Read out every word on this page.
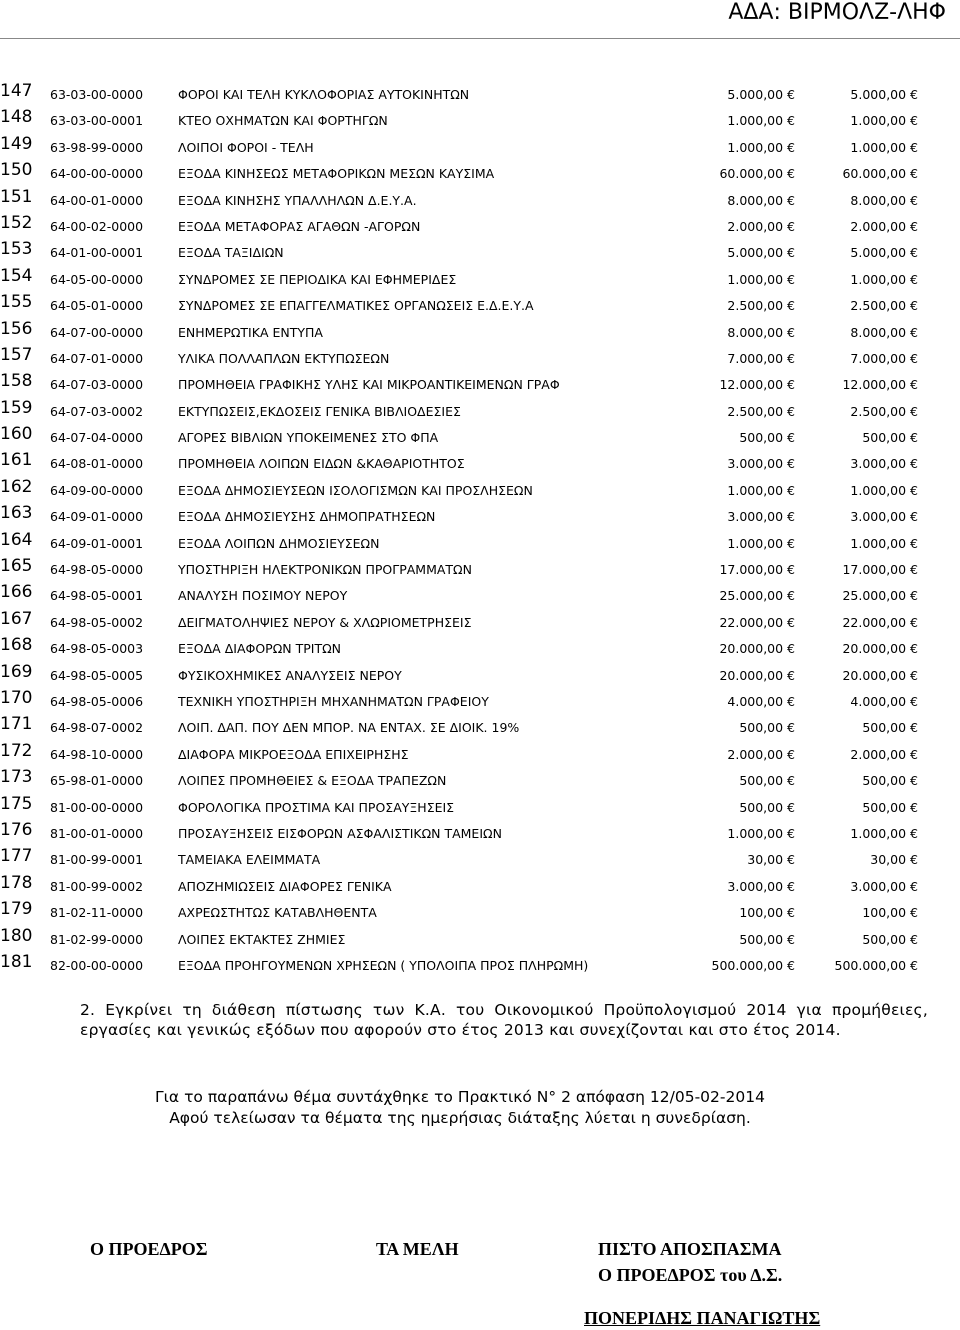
ΑΔΑ: ΒΙΡΜΟΛΖ-ΛΗΦ
147	63-03-00-0000	ΦΟΡΟΙ ΚΑΙ ΤΕΛΗ ΚΥΚΛΟΦΟΡΙΑΣ ΑΥΤΟΚΙΝΗΤΩΝ	5.000,00 €	5.000,00 €
148	63-03-00-0001	ΚΤΕΟ ΟΧΗΜΑΤΩΝ ΚΑΙ ΦΟΡΤΗΓΩΝ	1.000,00 €	1.000,00 €
149	63-98-99-0000	ΛΟΙΠΟΙ ΦΟΡΟΙ - ΤΕΛΗ	1.000,00 €	1.000,00 €
150	64-00-00-0000	ΕΞΟΔΑ ΚΙΝΗΣΕΩΣ ΜΕΤΑΦΟΡΙΚΩΝ ΜΕΣΩΝ ΚΑΥΣΙΜΑ	60.000,00 €	60.000,00 €
151	64-00-01-0000	ΕΞΟΔΑ ΚΙΝΗΣΗΣ ΥΠΑΛΛΗΛΩΝ Δ.Ε.Υ.Α.	8.000,00 €	8.000,00 €
152	64-00-02-0000	ΕΞΟΔΑ ΜΕΤΑΦΟΡΑΣ ΑΓΑΘΩΝ -ΑΓΟΡΩΝ	2.000,00 €	2.000,00 €
153	64-01-00-0001	ΕΞΟΔΑ ΤΑΞΙΔΙΩΝ	5.000,00 €	5.000,00 €
154	64-05-00-0000	ΣΥΝΔΡΟΜΕΣ ΣΕ ΠΕΡΙΟΔΙΚΑ ΚΑΙ ΕΦΗΜΕΡΙΔΕΣ	1.000,00 €	1.000,00 €
155	64-05-01-0000	ΣΥΝΔΡΟΜΕΣ ΣΕ ΕΠΑΓΓΕΛΜΑΤΙΚΕΣ ΟΡΓΑΝΩΣΕΙΣ Ε.Δ.Ε.Υ.Α	2.500,00 €	2.500,00 €
156	64-07-00-0000	ΕΝΗΜΕΡΩΤΙΚΑ ΕΝΤΥΠΑ	8.000,00 €	8.000,00 €
157	64-07-01-0000	ΥΛΙΚΑ ΠΟΛΛΑΠΛΩΝ ΕΚΤΥΠΩΣΕΩΝ	7.000,00 €	7.000,00 €
158	64-07-03-0000	ΠΡΟΜΗΘΕΙΑ ΓΡΑΦΙΚΗΣ ΥΛΗΣ ΚΑΙ ΜΙΚΡΟΑΝΤΙΚΕΙΜΕΝΩΝ ΓΡΑΦ	12.000,00 €	12.000,00 €
159	64-07-03-0002	ΕΚΤΥΠΩΣΕΙΣ,ΕΚΔΟΣΕΙΣ ΓΕΝΙΚΑ ΒΙΒΛΙΟΔΕΣΙΕΣ	2.500,00 €	2.500,00 €
160	64-07-04-0000	ΑΓΟΡΕΣ ΒΙΒΛΙΩΝ ΥΠΟΚΕΙΜΕΝΕΣ ΣΤΟ ΦΠΑ	500,00 €	500,00 €
161	64-08-01-0000	ΠΡΟΜΗΘΕΙΑ ΛΟΙΠΩΝ ΕΙΔΩΝ &ΚΑΘΑΡΙΟΤΗΤΟΣ	3.000,00 €	3.000,00 €
162	64-09-00-0000	ΕΞΟΔΑ ΔΗΜΟΣΙΕΥΣΕΩΝ ΙΣΟΛΟΓΙΣΜΩΝ ΚΑΙ ΠΡΟΣΛΗΣΕΩΝ	1.000,00 €	1.000,00 €
163	64-09-01-0000	ΕΞΟΔΑ ΔΗΜΟΣΙΕΥΣΗΣ ΔΗΜΟΠΡΑΤΗΣΕΩΝ	3.000,00 €	3.000,00 €
164	64-09-01-0001	ΕΞΟΔΑ ΛΟΙΠΩΝ ΔΗΜΟΣΙΕΥΣΕΩΝ	1.000,00 €	1.000,00 €
165	64-98-05-0000	ΥΠΟΣΤΗΡΙΞΗ ΗΛΕΚΤΡΟΝΙΚΩΝ ΠΡΟΓΡΑΜΜΑΤΩΝ	17.000,00 €	17.000,00 €
166	64-98-05-0001	ΑΝΑΛΥΣΗ ΠΟΣΙΜΟΥ ΝΕΡΟΥ	25.000,00 €	25.000,00 €
167	64-98-05-0002	ΔΕΙΓΜΑΤΟΛΗΨΙΕΣ ΝΕΡΟΥ & ΧΛΩΡΙΟΜΕΤΡΗΣΕΙΣ	22.000,00 €	22.000,00 €
168	64-98-05-0003	ΕΞΟΔΑ ΔΙΑΦΟΡΩΝ ΤΡΙΤΩΝ	20.000,00 €	20.000,00 €
169	64-98-05-0005	ΦΥΣΙΚΟΧΗΜΙΚΕΣ ΑΝΑΛΥΣΕΙΣ ΝΕΡΟΥ	20.000,00 €	20.000,00 €
170	64-98-05-0006	ΤΕΧΝΙΚΗ ΥΠΟΣΤΗΡΙΞΗ ΜΗΧΑΝΗΜΑΤΩΝ ΓΡΑΦΕΙΟΥ	4.000,00 €	4.000,00 €
171	64-98-07-0002	ΛΟΙΠ. ΔΑΠ. ΠΟΥ ΔΕΝ ΜΠΟΡ. ΝΑ ΕΝΤΑΧ. ΣΕ ΔΙΟΙΚ. 19%	500,00 €	500,00 €
172	64-98-10-0000	ΔΙΑΦΟΡΑ ΜΙΚΡΟΕΞΟΔΑ ΕΠΙΧΕΙΡΗΣΗΣ	2.000,00 €	2.000,00 €
173	65-98-01-0000	ΛΟΙΠΕΣ ΠΡΟΜΗΘΕΙΕΣ & ΕΞΟΔΑ ΤΡΑΠΕΖΩΝ	500,00 €	500,00 €
175	81-00-00-0000	ΦΟΡΟΛΟΓΙΚΑ ΠΡΟΣΤΙΜΑ ΚΑΙ ΠΡΟΣΑΥΞΗΣΕΙΣ	500,00 €	500,00 €
176	81-00-01-0000	ΠΡΟΣΑΥΞΗΣΕΙΣ ΕΙΣΦΟΡΩΝ ΑΣΦΑΛΙΣΤΙΚΩΝ ΤΑΜΕΙΩΝ	1.000,00 €	1.000,00 €
177	81-00-99-0001	ΤΑΜΕΙΑΚΑ ΕΛΕΙΜΜΑΤΑ	30,00 €	30,00 €
178	81-00-99-0002	ΑΠΟΖΗΜΙΩΣΕΙΣ ΔΙΑΦΟΡΕΣ ΓΕΝΙΚΑ	3.000,00 €	3.000,00 €
179	81-02-11-0000	ΑΧΡΕΩΣΤΗΤΩΣ ΚΑΤΑΒΛΗΘΕΝΤΑ	100,00 €	100,00 €
180	81-02-99-0000	ΛΟΙΠΕΣ ΕΚΤΑΚΤΕΣ ΖΗΜΙΕΣ	500,00 €	500,00 €
181	82-00-00-0000	ΕΞΟΔΑ ΠΡΟΗΓΟΥΜΕΝΩΝ ΧΡΗΣΕΩΝ ( ΥΠΟΛΟΙΠΑ ΠΡΟΣ ΠΛΗΡΩΜΗ)	500.000,00 €	500.000,00 €
2. Εγκρίνει τη διάθεση πίστωσης των Κ.Α. του Οικονομικού Προϋπολογισμού 2014 για προμήθειες, εργασίες και γενικώς εξόδων που αφορούν στο έτος 2013 και συνεχίζονται και στο έτος 2014.
Για το παραπάνω θέμα συντάχθηκε το Πρακτικό Ν° 2 απόφαση 12/05-02-2014
Αφού τελείωσαν τα θέματα της ημερήσιας διάταξης λύεται η συνεδρίαση.
Ο ΠΡΟΕΔΡΟΣ	ΤΑ ΜΕΛΗ	ΠΙΣΤΟ ΑΠΟΣΠΑΣΜΑ
Ο ΠΡΟΕΔΡΟΣ του Δ.Σ.
ΠΟΝΕΡΙΔΗΣ ΠΑΝΑΓΙΩΤΗΣ
